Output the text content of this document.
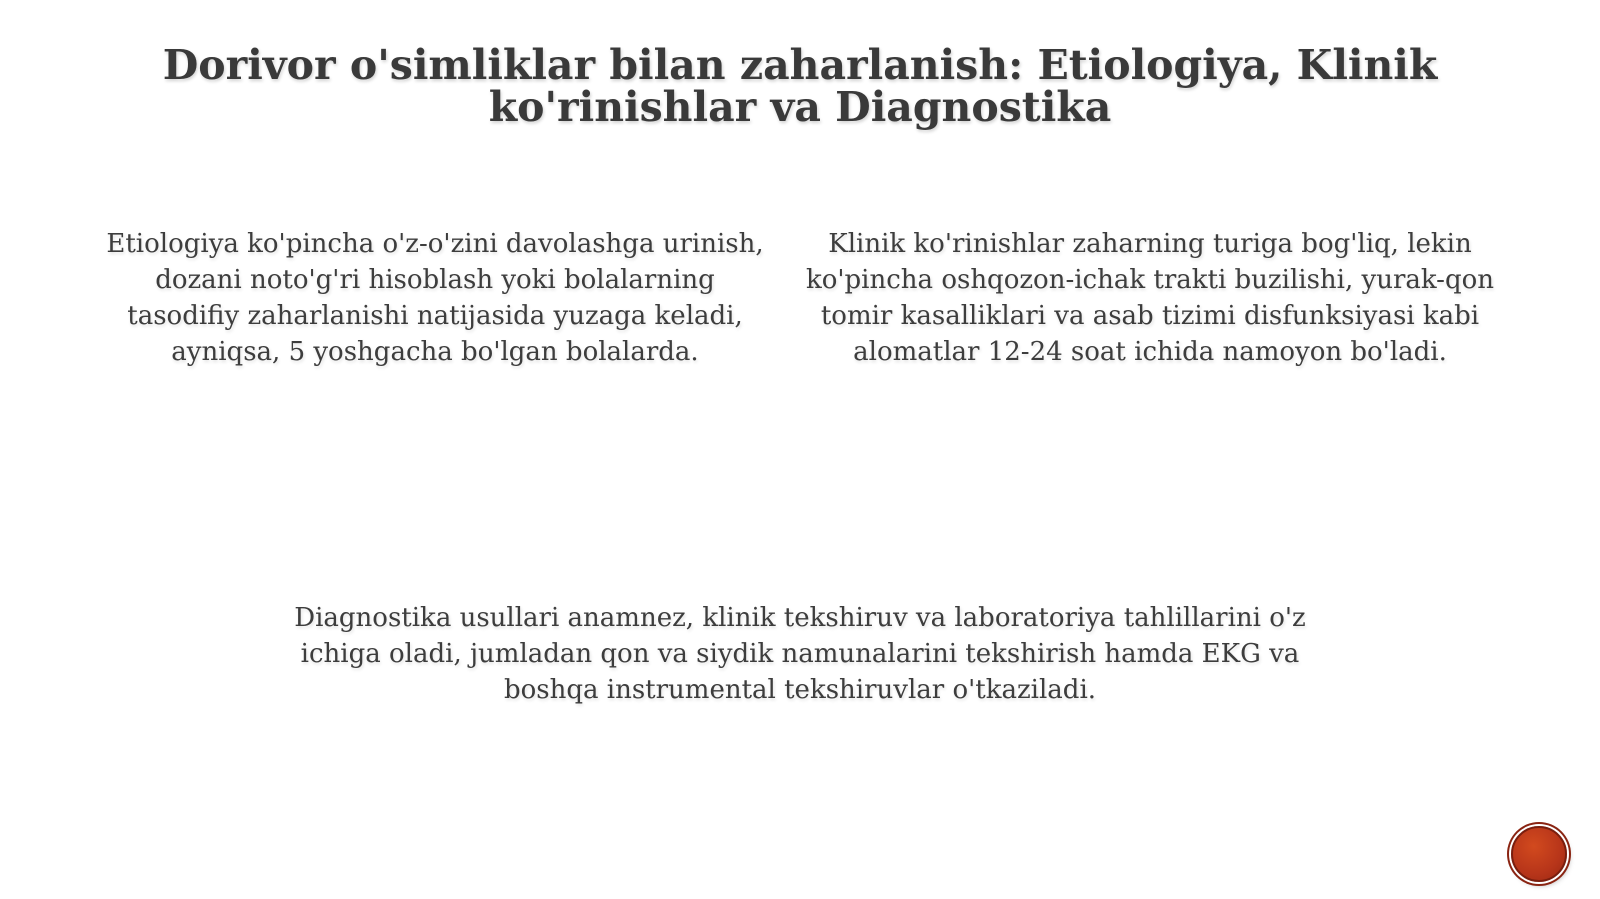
Dorivor o'simliklar bilan zaharlanish: Etiologiya, Klinik ko'rinishlar va Diagnostika

Etiologiya ko'pincha o'z-o'zini davolashga urinish, dozani noto'g'ri hisoblash yoki bolalarning tasodifiy zaharlanishi natijasida yuzaga keladi, ayniqsa, 5 yoshgacha bo'lgan bolalarda.

Klinik ko'rinishlar zaharning turiga bog'liq, lekin ko'pincha oshqozon-ichak trakti buzilishi, yurak-qon tomir kasalliklari va asab tizimi disfunksiyasi kabi alomatlar 12-24 soat ichida namoyon bo'ladi.

Diagnostika usullari anamnez, klinik tekshiruv va laboratoriya tahlillarini o'z ichiga oladi, jumladan qon va siydik namunalarini tekshirish hamda EKG va boshqa instrumental tekshiruvlar o'tkaziladi.
